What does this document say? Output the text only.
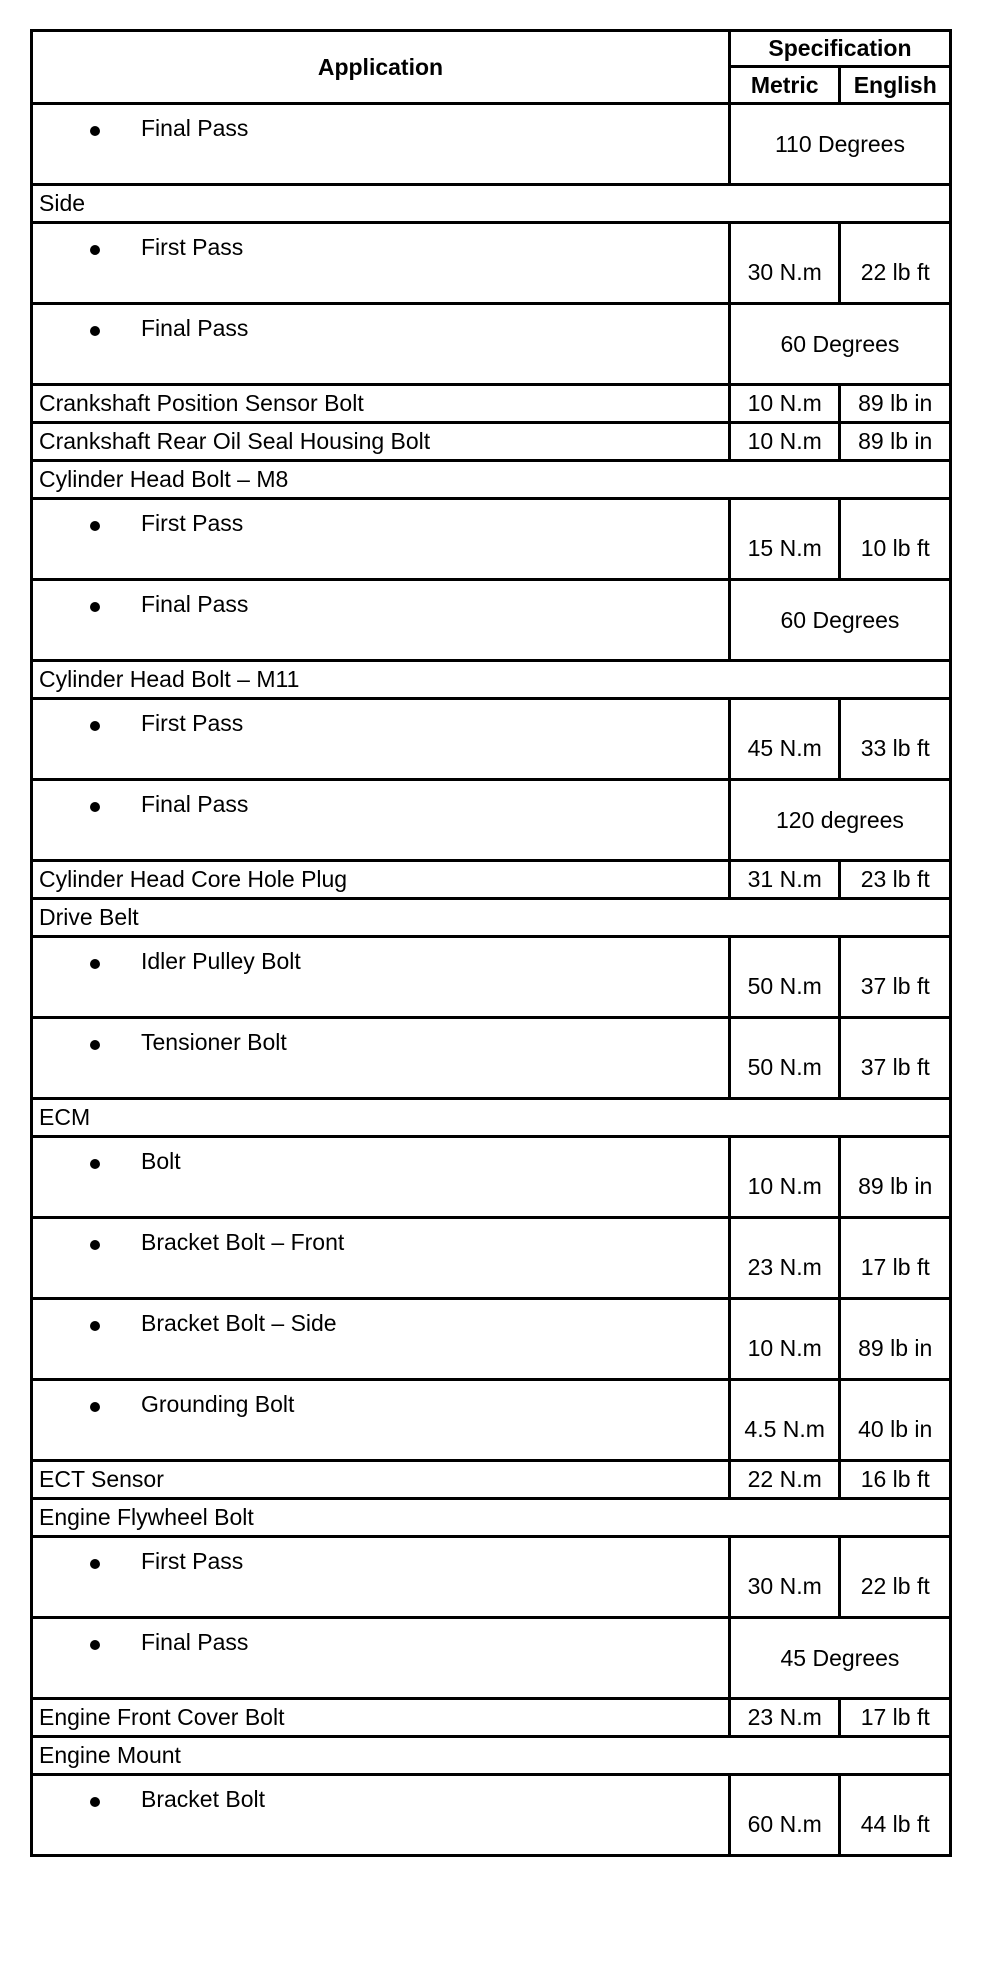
Application	Specification	
	Metric	English

Final Pass	110 Degrees	
Side		

First Pass	30 N.m	22 lb ft

Final Pass	60 Degrees	
Crankshaft Position Sensor Bolt	10 N.m	89 lb in
Crankshaft Rear Oil Seal Housing Bolt	10 N.m	89 lb in
Cylinder Head Bolt – M8		

First Pass	15 N.m	10 lb ft

Final Pass	60 Degrees	
Cylinder Head Bolt – M11		

First Pass	45 N.m	33 lb ft

Final Pass	120 degrees	
Cylinder Head Core Hole Plug	31 N.m	23 lb ft
Drive Belt		

Idler Pulley Bolt	50 N.m	37 lb ft

Tensioner Bolt	50 N.m	37 lb ft
ECM		

Bolt	10 N.m	89 lb in

Bracket Bolt – Front	23 N.m	17 lb ft

Bracket Bolt – Side	10 N.m	89 lb in

Grounding Bolt	4.5 N.m	40 lb in
ECT Sensor	22 N.m	16 lb ft
Engine Flywheel Bolt		

First Pass	30 N.m	22 lb ft

Final Pass	45 Degrees	
Engine Front Cover Bolt	23 N.m	17 lb ft
Engine Mount		

Bracket Bolt	60 N.m	44 lb ft
